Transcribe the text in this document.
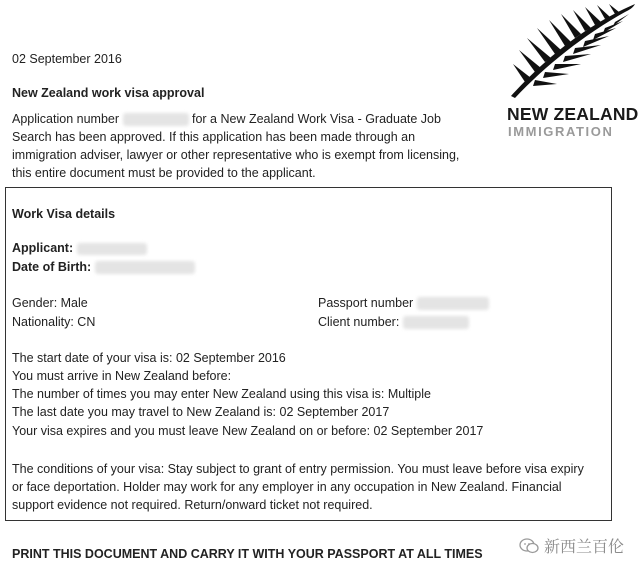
02 September 2016
New Zealand work visa approval
Application number	for a New Zealand Work Visa - Graduate Job Search has been approved. If this application has been made through an immigration adviser, lawyer or other representative who is exempt from licensing, this entire document must be provided to the applicant.
NEW ZEALAND
IMMIGRATION
Work Visa details
Applicant:
Date of Birth:
Gender: Male
Nationality: CN
Passport number
Client number:
The start date of your visa is: 02 September 2016
You must arrive in New Zealand before:
The number of times you may enter New Zealand using this visa is: Multiple
The last date you may travel to New Zealand is: 02 September 2017
Your visa expires and you must leave New Zealand on or before: 02 September 2017
The conditions of your visa: Stay subject to grant of entry permission. You must leave before visa expiry or face deportation. Holder may work for any employer in any occupation in New Zealand. Financial support evidence not required. Return/onward ticket not required.
PRINT THIS DOCUMENT AND CARRY IT WITH YOUR PASSPORT AT ALL TIMES	新西兰百伦
